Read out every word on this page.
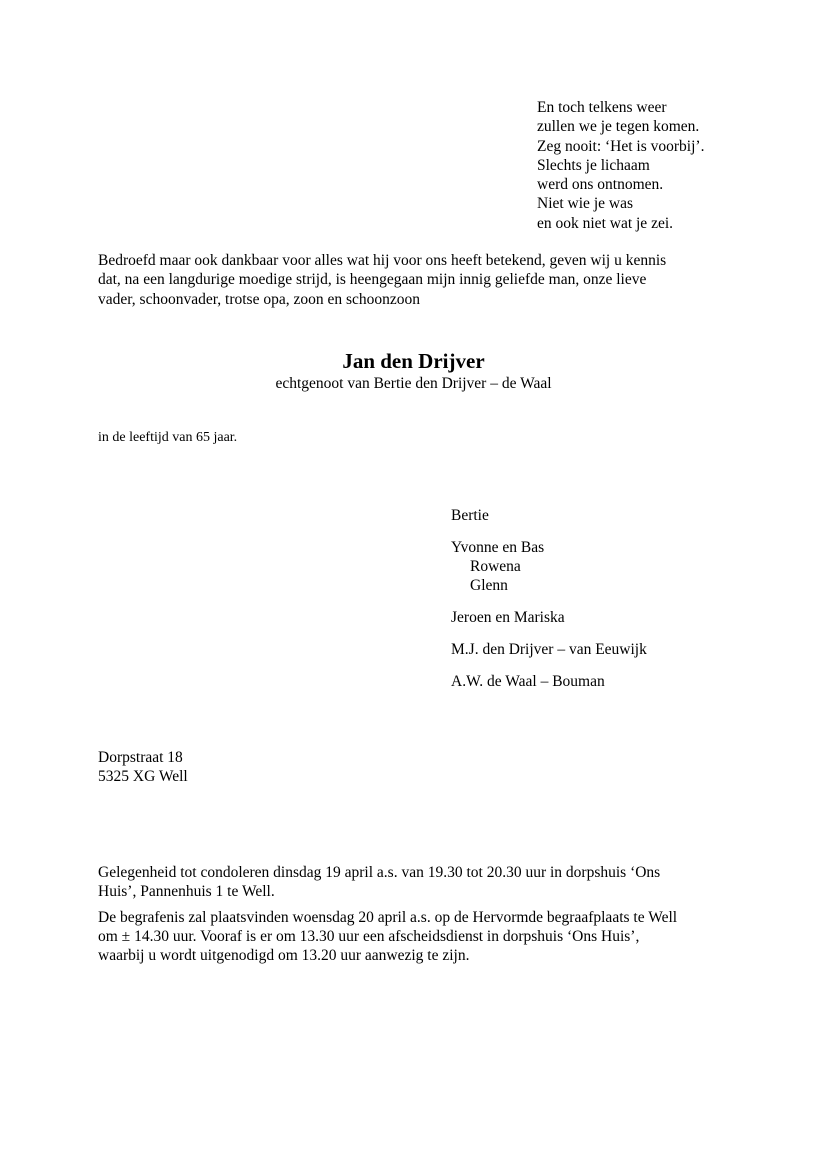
En toch telkens weer
zullen we je tegen komen.
Zeg nooit: ‘Het is voorbij’.
Slechts je lichaam
werd ons ontnomen.
Niet wie je was
en ook niet wat je zei.
Bedroefd maar ook dankbaar voor alles wat hij voor ons heeft betekend, geven wij u kennis
dat, na een langdurige moedige strijd, is heengegaan mijn innig geliefde man, onze lieve
vader, schoonvader, trotse opa, zoon en schoonzoon
Jan den Drijver
echtgenoot van Bertie den Drijver – de Waal
in de leeftijd van 65 jaar.
Bertie
Yvonne en Bas
Rowena
Glenn
Jeroen en Mariska
M.J. den Drijver – van Eeuwijk
A.W. de Waal – Bouman
Dorpstraat 18
5325 XG Well
Gelegenheid tot condoleren dinsdag 19 april a.s. van 19.30 tot 20.30 uur in dorpshuis ‘Ons
Huis’, Pannenhuis 1 te Well.
De begrafenis zal plaatsvinden woensdag 20 april a.s. op de Hervormde begraafplaats te Well
om ± 14.30 uur. Vooraf is er om 13.30 uur een afscheidsdienst in dorpshuis ‘Ons Huis’,
waarbij u wordt uitgenodigd om 13.20 uur aanwezig te zijn.
